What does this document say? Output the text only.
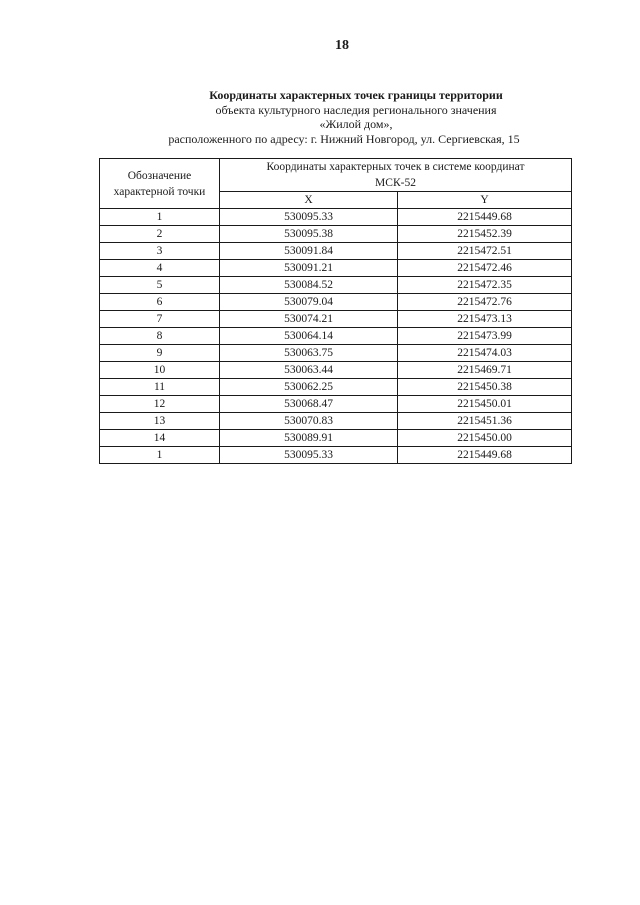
18
Координаты характерных точек границы территории
объекта культурного наследия регионального значения
«Жилой дом»,
расположенного по адресу: г. Нижний Новгород, ул. Сергиевская, 15
Обозначение характерной точки	Координаты характерных точек в системе координат
МСК-52	
	X	Y
1	530095.33	2215449.68
2	530095.38	2215452.39
3	530091.84	2215472.51
4	530091.21	2215472.46
5	530084.52	2215472.35
6	530079.04	2215472.76
7	530074.21	2215473.13
8	530064.14	2215473.99
9	530063.75	2215474.03
10	530063.44	2215469.71
11	530062.25	2215450.38
12	530068.47	2215450.01
13	530070.83	2215451.36
14	530089.91	2215450.00
1	530095.33	2215449.68
